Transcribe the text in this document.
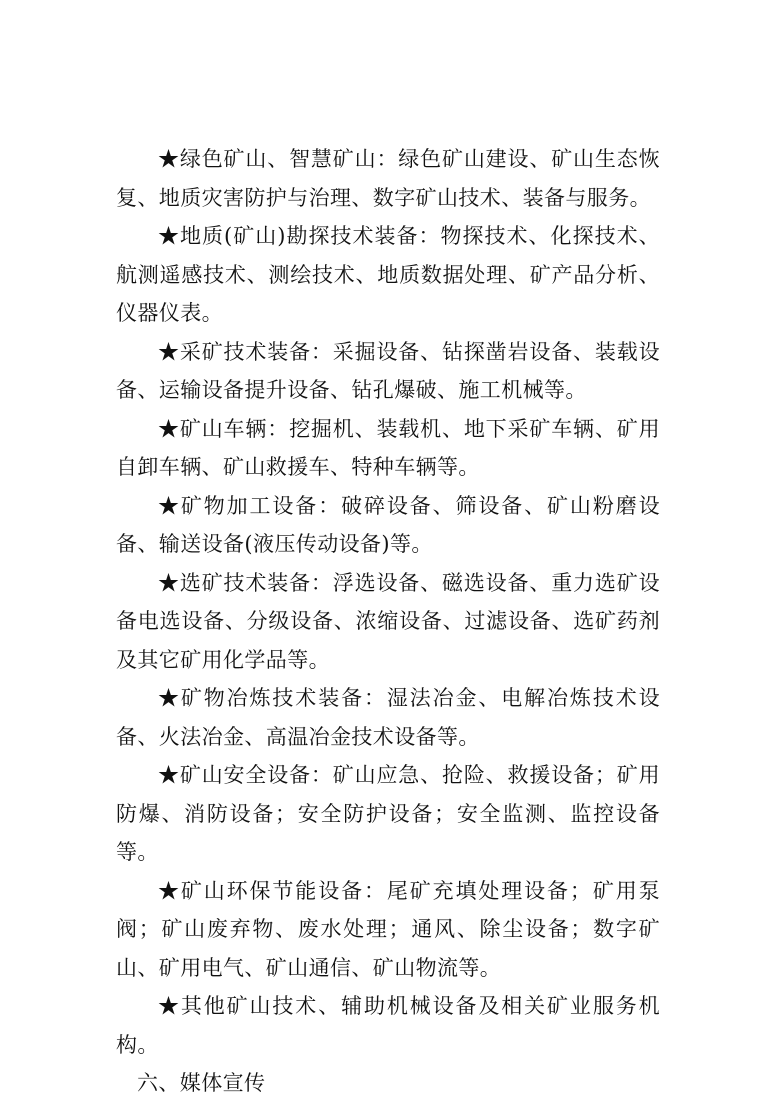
★绿色矿山、智慧矿山：绿色矿山建设、矿山生态恢复、地质灾害防护与治理、数字矿山技术、装备与服务。

★地质(矿山)勘探技术装备：物探技术、化探技术、航测遥感技术、测绘技术、地质数据处理、矿产品分析、仪器仪表。

★采矿技术装备：采掘设备、钻探凿岩设备、装载设备、运输设备提升设备、钻孔爆破、施工机械等。

★矿山车辆：挖掘机、装载机、地下采矿车辆、矿用自卸车辆、矿山救援车、特种车辆等。

★矿物加工设备：破碎设备、筛设备、矿山粉磨设备、输送设备(液压传动设备)等。

★选矿技术装备：浮选设备、磁选设备、重力选矿设备电选设备、分级设备、浓缩设备、过滤设备、选矿药剂及其它矿用化学品等。

★矿物冶炼技术装备：湿法冶金、电解冶炼技术设备、火法冶金、高温冶金技术设备等。

★矿山安全设备：矿山应急、抢险、救援设备；矿用防爆、消防设备；安全防护设备；安全监测、监控设备等。

★矿山环保节能设备：尾矿充填处理设备；矿用泵阀；矿山废弃物、废水处理；通风、除尘设备；数字矿山、矿用电气、矿山通信、矿山物流等。

★其他矿山技术、辅助机械设备及相关矿业服务机构。

六、媒体宣传
